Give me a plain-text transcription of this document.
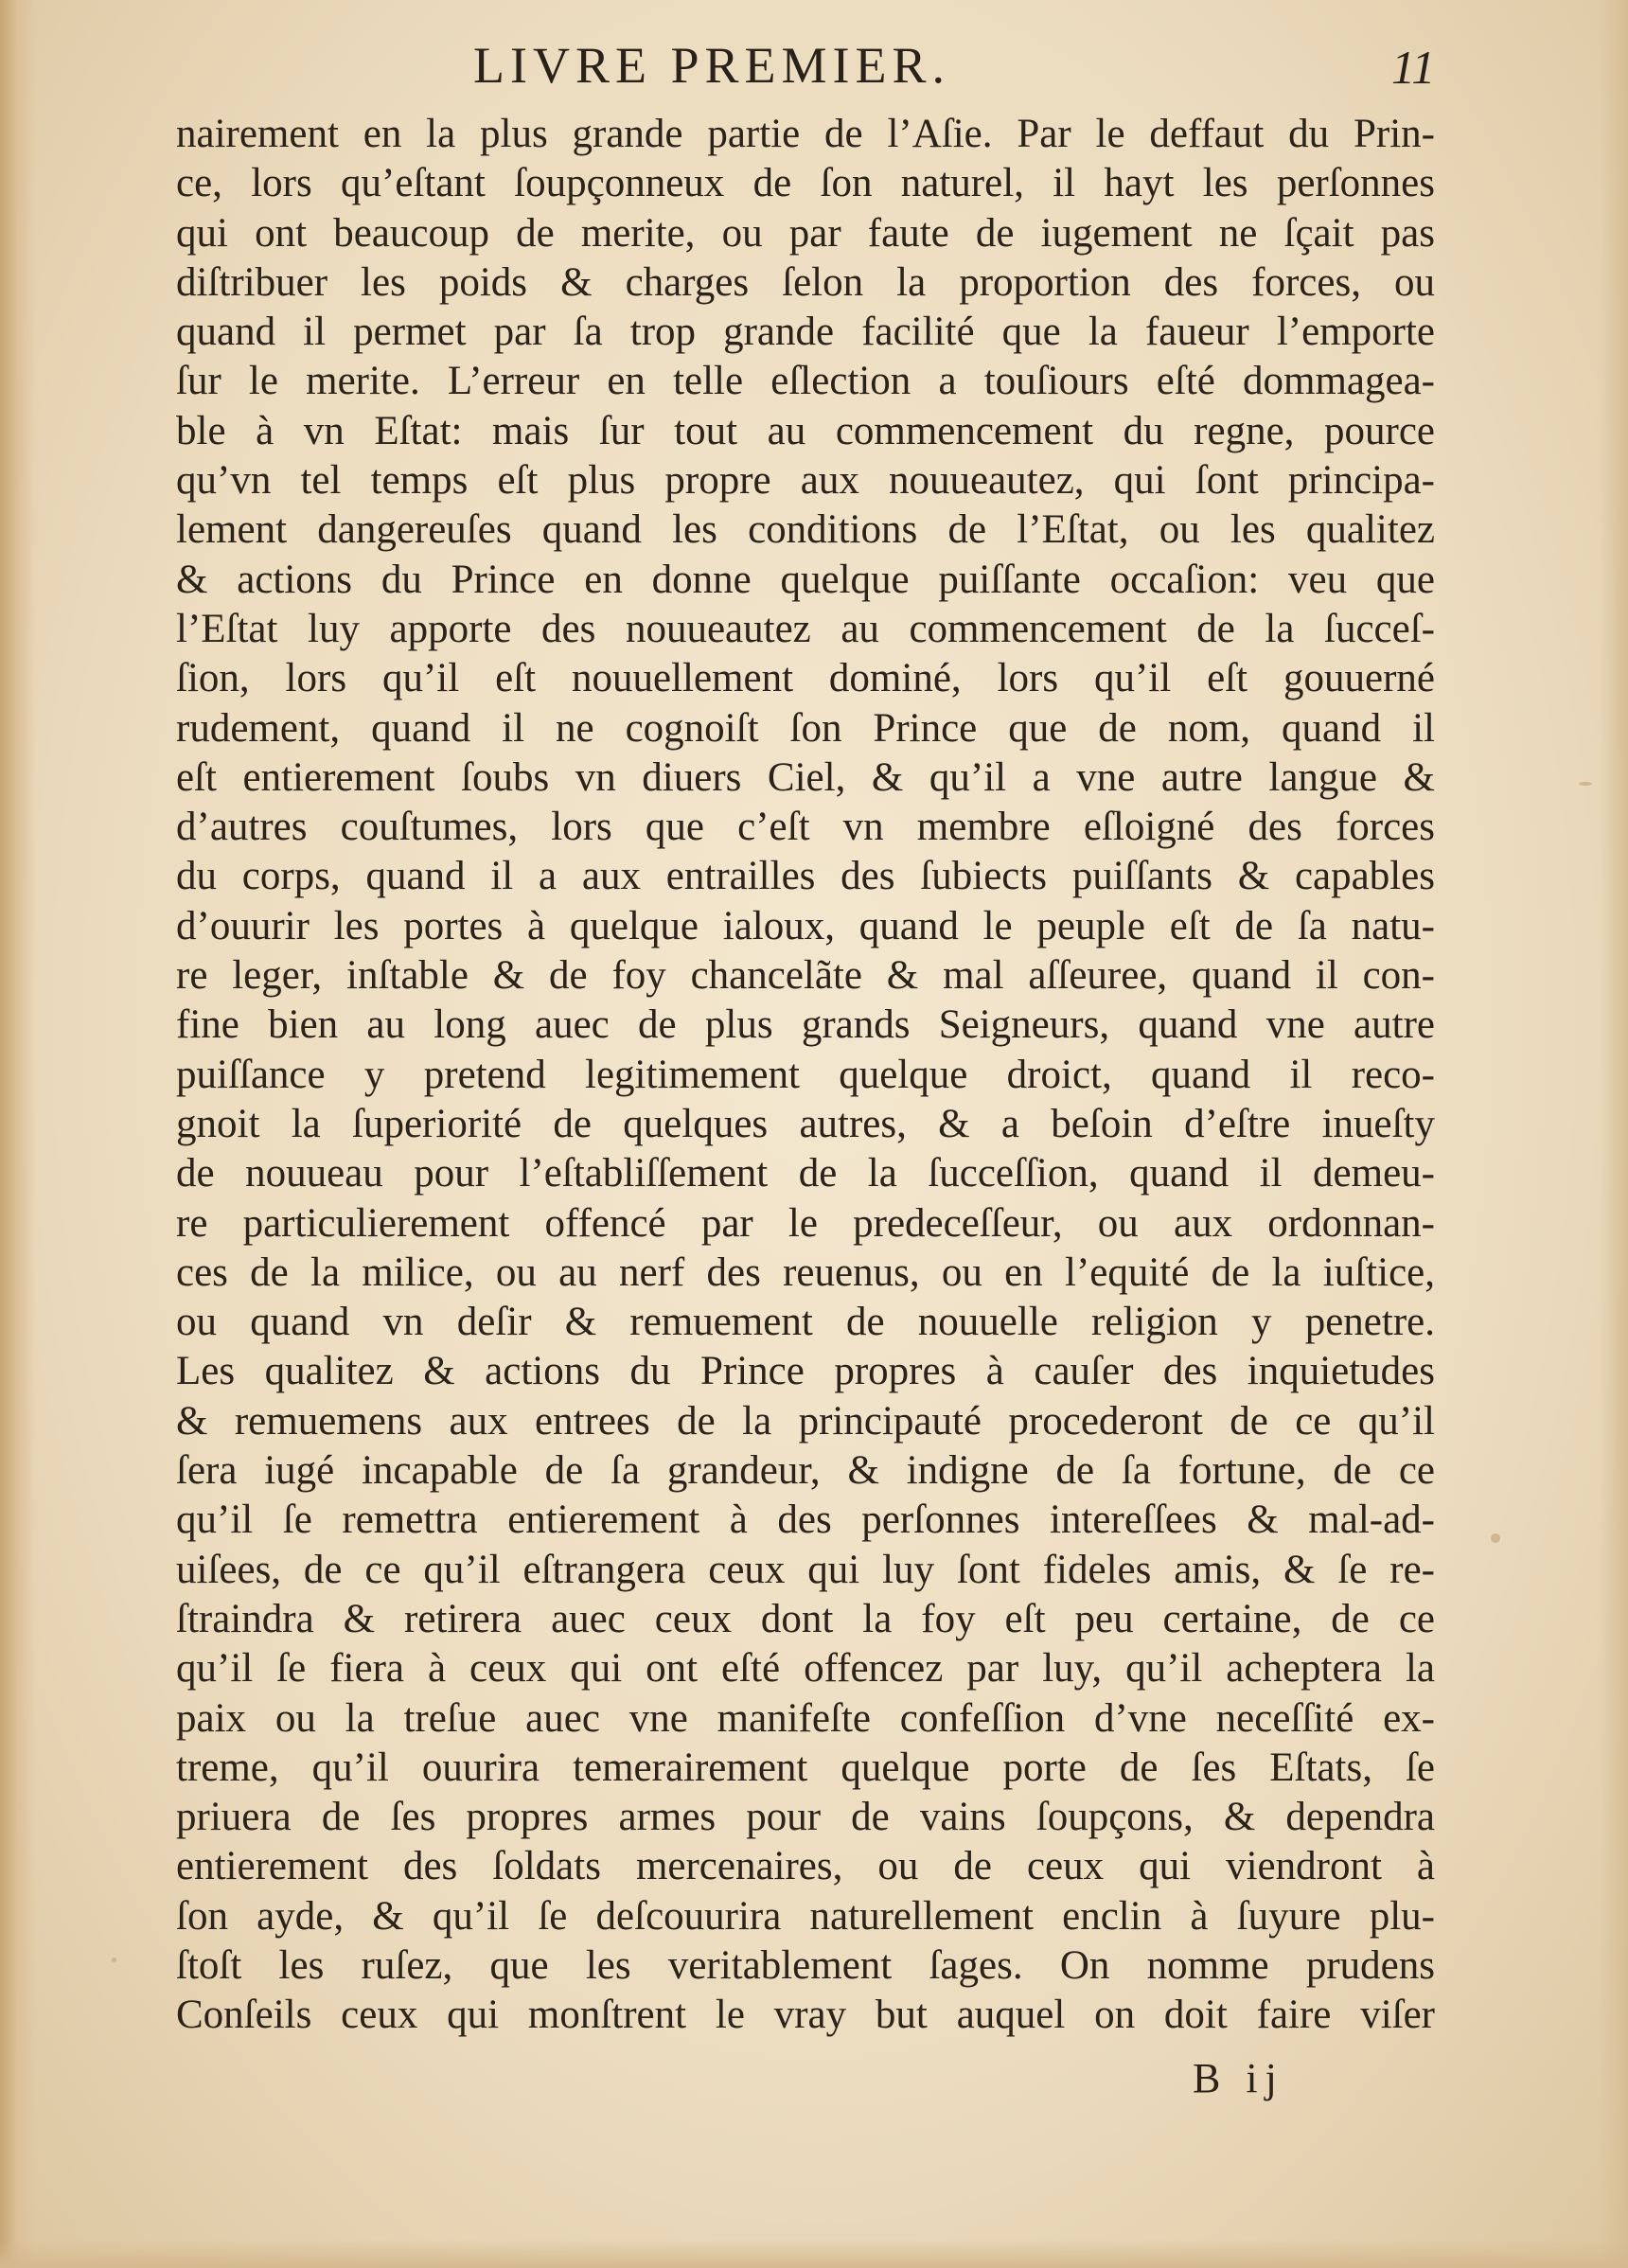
LIVRE PREMIER.	11
nairement en la plus grande partie de l’Aſie. Par le deffaut du Prin-
ce, lors qu’eſtant ſoupçonneux de ſon naturel, il hayt les perſonnes
qui ont beaucoup de merite, ou par faute de iugement ne ſçait pas
diſtribuer les poids & charges ſelon la proportion des forces, ou
quand il permet par ſa trop grande facilité que la faueur l’emporte
ſur le merite. L’erreur en telle eſlection a touſiours eſté dommagea-
ble à vn Eſtat: mais ſur tout au commencement du regne, pource
qu’vn tel temps eſt plus propre aux nouueautez, qui ſont principa-
lement dangereuſes quand les conditions de l’Eſtat, ou les qualitez
& actions du Prince en donne quelque puiſſante occaſion: veu que
l’Eſtat luy apporte des nouueautez au commencement de la ſucceſ-
ſion, lors qu’il eſt nouuellement dominé, lors qu’il eſt gouuerné
rudement, quand il ne cognoiſt ſon Prince que de nom, quand il
eſt entierement ſoubs vn diuers Ciel, & qu’il a vne autre langue &
d’autres couſtumes, lors que c’eſt vn membre eſloigné des forces
du corps, quand il a aux entrailles des ſubiects puiſſants & capables
d’ouurir les portes à quelque ialoux, quand le peuple eſt de ſa natu-
re leger, inſtable & de foy chancelãte & mal aſſeuree, quand il con-
fine bien au long auec de plus grands Seigneurs, quand vne autre
puiſſance y pretend legitimement quelque droict, quand il reco-
gnoit la ſuperiorité de quelques autres, & a beſoin d’eſtre inueſty
de nouueau pour l’eſtabliſſement de la ſucceſſion, quand il demeu-
re particulierement offencé par le predeceſſeur, ou aux ordonnan-
ces de la milice, ou au nerf des reuenus, ou en l’equité de la iuſtice,
ou quand vn deſir & remuement de nouuelle religion y penetre.
Les qualitez & actions du Prince propres à cauſer des inquietudes
& remuemens aux entrees de la principauté procederont de ce qu’il
ſera iugé incapable de ſa grandeur, & indigne de ſa fortune, de ce
qu’il ſe remettra entierement à des perſonnes intereſſees & mal-ad-
uiſees, de ce qu’il eſtrangera ceux qui luy ſont fideles amis, & ſe re-
ſtraindra & retirera auec ceux dont la foy eſt peu certaine, de ce
qu’il ſe fiera à ceux qui ont eſté offencez par luy, qu’il acheptera la
paix ou la treſue auec vne manifeſte confeſſion d’vne neceſſité ex-
treme, qu’il ouurira temerairement quelque porte de ſes Eſtats, ſe
priuera de ſes propres armes pour de vains ſoupçons, & dependra
entierement des ſoldats mercenaires, ou de ceux qui viendront à
ſon ayde, & qu’il ſe deſcouurira naturellement enclin à ſuyure plu-
ſtoſt les ruſez, que les veritablement ſages. On nomme prudens
Conſeils ceux qui monſtrent le vray but auquel on doit faire viſer
B ij
